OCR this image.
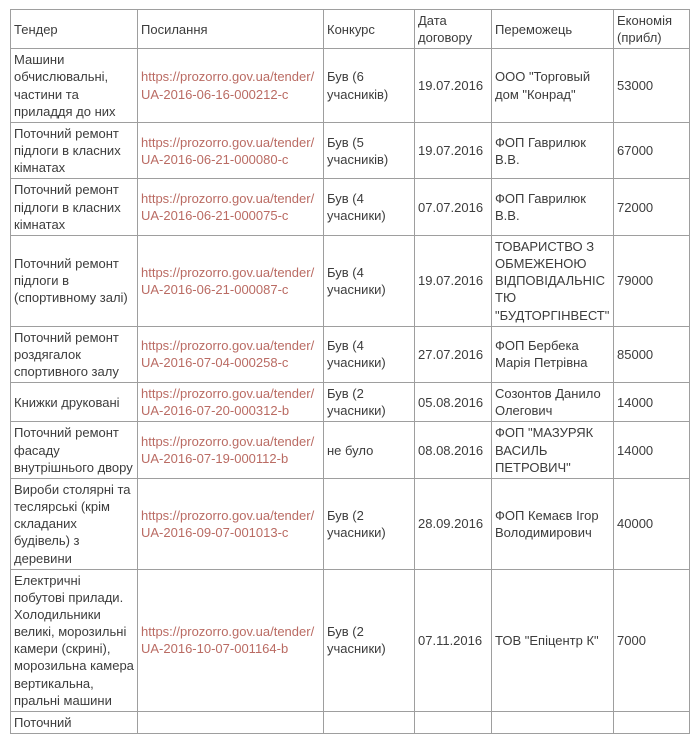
Тендер	Посилання	Конкурс	Дата договору	Переможець	Економія (прибл)
Машини обчислювальні, частини та приладдя до них	https://prozorro.gov.ua/tender/UA-2016-06-16-000212-c	Був (6 учасників)	19.07.2016	ООО "Торговый дом "Конрад"	53000
Поточний ремонт підлоги в класних кімнатах	https://prozorro.gov.ua/tender/UA-2016-06-21-000080-c	Був (5 учасників)	19.07.2016	ФОП Гаврилюк В.В.	67000
Поточний ремонт підлоги в класних кімнатах	https://prozorro.gov.ua/tender/UA-2016-06-21-000075-c	Був (4 учасники)	07.07.2016	ФОП Гаврилюк В.В.	72000
Поточний ремонт підлоги в (спортивному залі)	https://prozorro.gov.ua/tender/UA-2016-06-21-000087-c	Був (4 учасники)	19.07.2016	ТОВАРИСТВО З ОБМЕЖЕНОЮ ВІДПОВІДАЛЬНІСТЮ "БУДТОРГІНВЕСТ"	79000
Поточний ремонт роздягалок спортивного залу	https://prozorro.gov.ua/tender/UA-2016-07-04-000258-c	Був (4 учасники)	27.07.2016	ФОП Бербека Марія Петрівна	85000
Книжки друковані	https://prozorro.gov.ua/tender/UA-2016-07-20-000312-b	Був (2 учасники)	05.08.2016	Созонтов Данило Олегович	14000
Поточний ремонт фасаду внутрішнього двору	https://prozorro.gov.ua/tender/UA-2016-07-19-000112-b	не було	08.08.2016	ФОП "МАЗУРЯК ВАСИЛЬ ПЕТРОВИЧ"	14000
Вироби столярні та теслярські (крім складаних будівель) з деревини	https://prozorro.gov.ua/tender/UA-2016-09-07-001013-c	Був (2 учасники)	28.09.2016	ФОП Кемаєв Ігор Володимирович	40000
Електричні побутові прилади. Холодильники великі, морозильні камери (скрині), морозильна камера вертикальна, пральні машини	https://prozorro.gov.ua/tender/UA-2016-10-07-001164-b	Був (2 учасники)	07.11.2016	ТОВ "Епіцентр К"	7000
Поточний					
